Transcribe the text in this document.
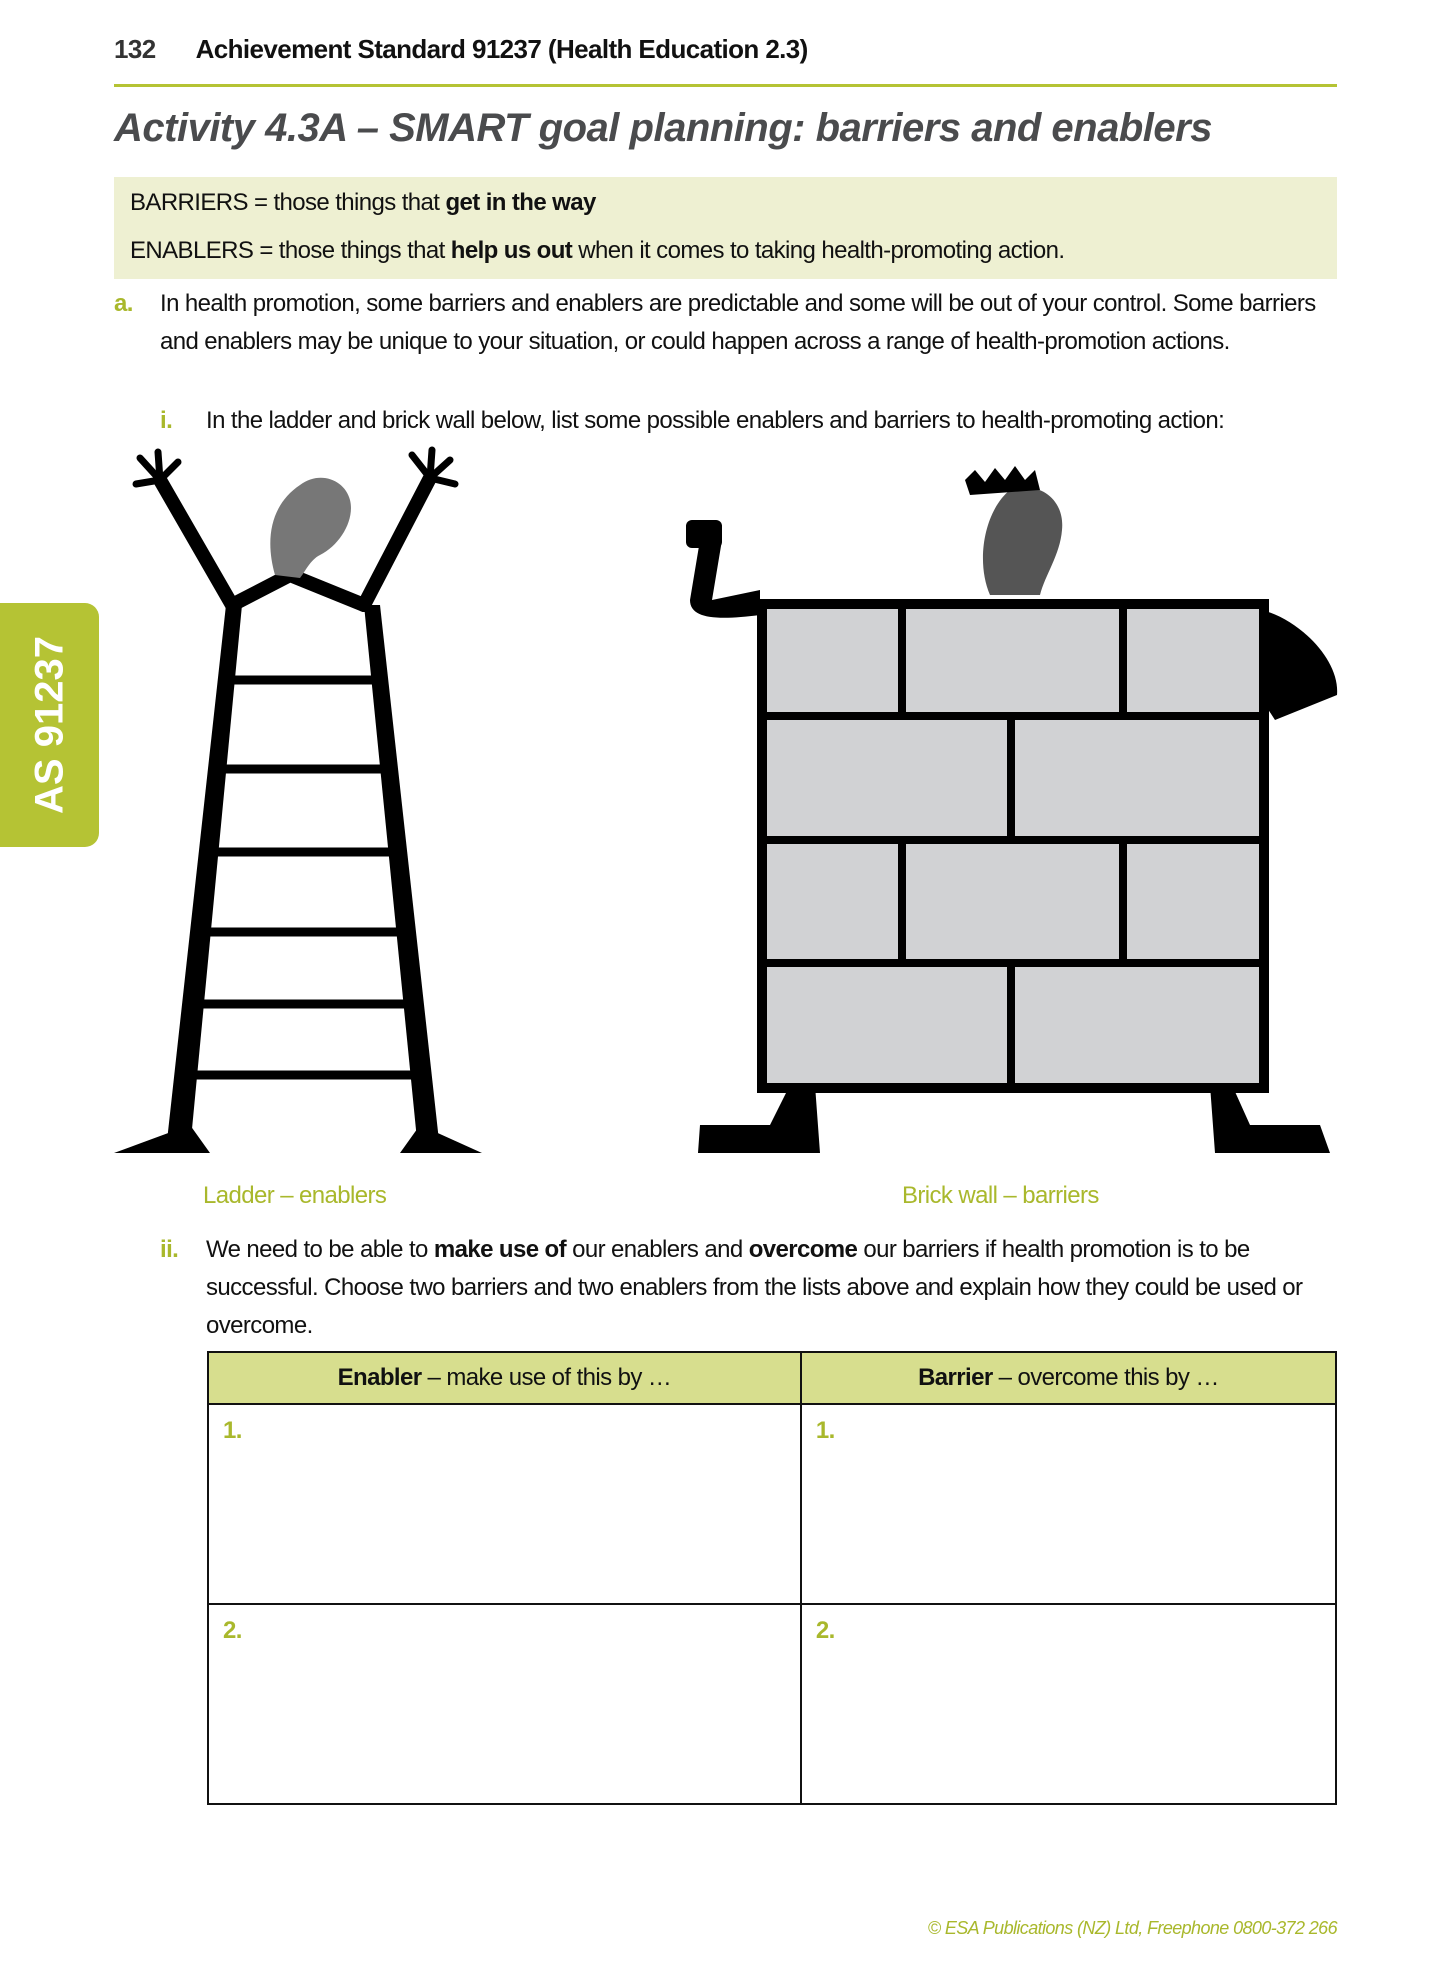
132 Achievement Standard 91237 (Health Education 2.3)
AS 91237
Activity 4.3A – SMART goal planning: barriers and enablers
BARRIERS = those things that get in the way
ENABLERS = those things that help us out when it comes to taking health-promoting action.
a. In health promotion, some barriers and enablers are predictable and some will be out of your control. Some barriers and enablers may be unique to your situation, or could happen across a range of health-promotion actions.
i. In the ladder and brick wall below, list some possible enablers and barriers to health-promoting action:
Ladder – enablers	Brick wall – barriers
ii. We need to be able to make use of our enablers and overcome our barriers if health promotion is to be successful. Choose two barriers and two enablers from the lists above and explain how they could be used or overcome.
Enabler – make use of this by …	Barrier – overcome this by …
1.	1.
2.	2.
© ESA Publications (NZ) Ltd, Freephone 0800-372 266
